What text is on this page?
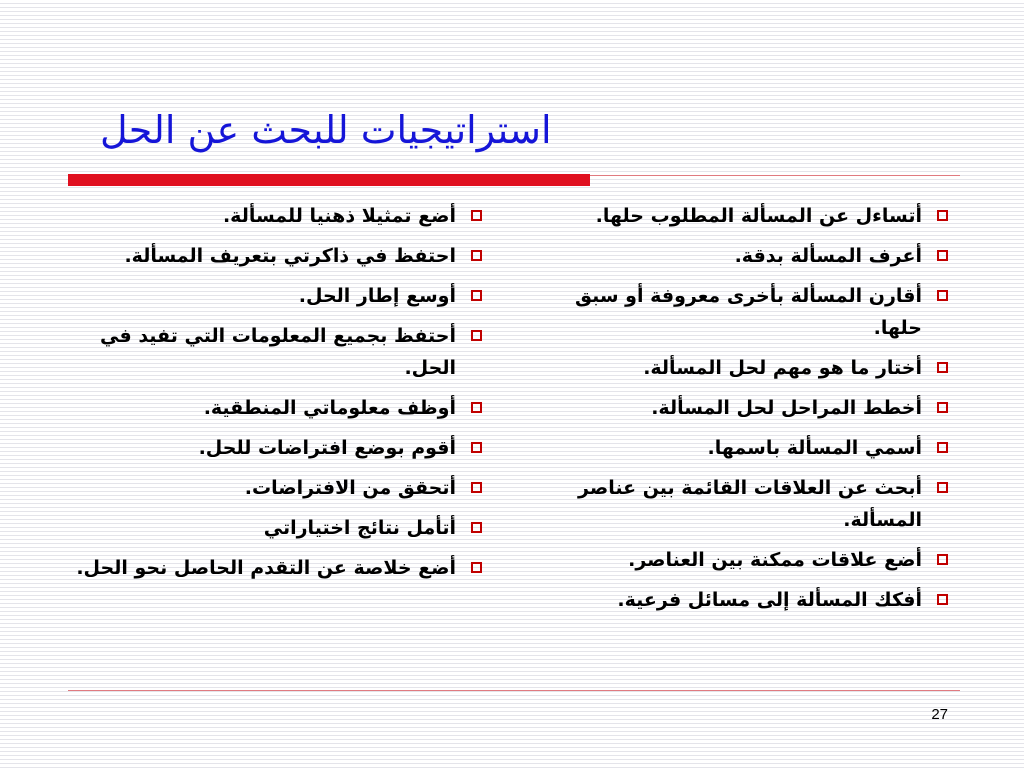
استراتيجيات للبحث عن الحل
أتساءل عن المسألة المطلوب حلها.
أعرف المسألة بدقة.
أقارن المسألة بأخرى معروفة أو سبق حلها.
أختار ما هو مهم لحل المسألة.
أخطط المراحل لحل المسألة.
أسمي المسألة باسمها.
أبحث عن العلاقات القائمة بين عناصر المسألة.
أضع علاقات ممكنة بين العناصر.
أفكك المسألة إلى مسائل فرعية.
أضع تمثيلا ذهنيا للمسألة.
احتفظ في ذاكرتي بتعريف المسألة.
أوسع إطار الحل.
أحتفظ بجميع المعلومات التي تفيد في الحل.
أوظف معلوماتي المنطقية.
أقوم بوضع افتراضات للحل.
أتحقق من الافتراضات.
أتأمل نتائج اختياراتي
أضع خلاصة عن التقدم الحاصل نحو الحل.
27
